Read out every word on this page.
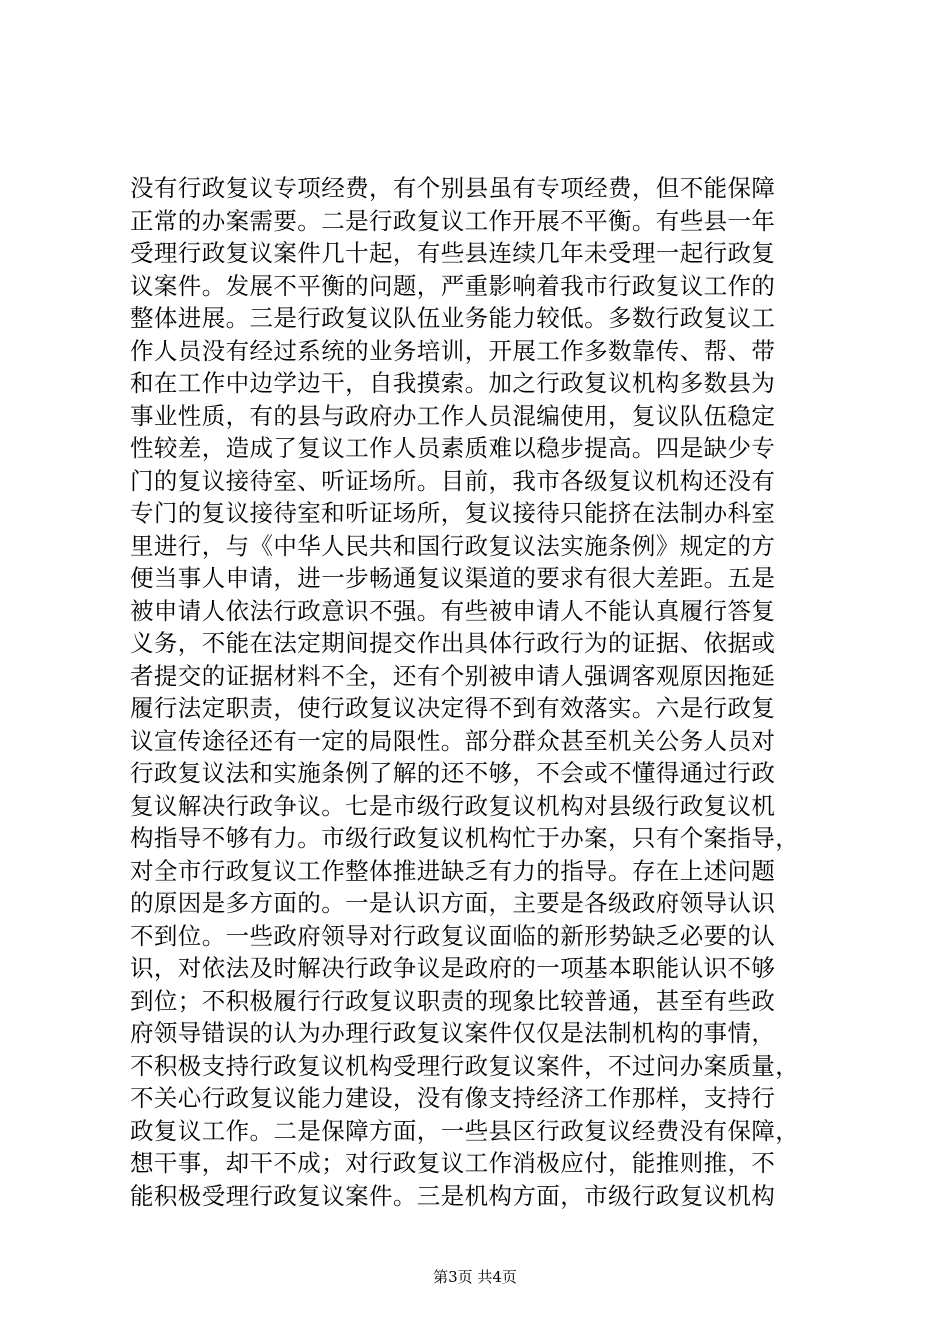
没有行政复议专项经费，有个别县虽有专项经费，但不能保障
正常的办案需要。二是行政复议工作开展不平衡。有些县一年
受理行政复议案件几十起，有些县连续几年未受理一起行政复
议案件。发展不平衡的问题，严重影响着我市行政复议工作的
整体进展。三是行政复议队伍业务能力较低。多数行政复议工
作人员没有经过系统的业务培训，开展工作多数靠传、帮、带
和在工作中边学边干，自我摸索。加之行政复议机构多数县为
事业性质，有的县与政府办工作人员混编使用，复议队伍稳定
性较差，造成了复议工作人员素质难以稳步提高。四是缺少专
门的复议接待室、听证场所。目前，我市各级复议机构还没有
专门的复议接待室和听证场所，复议接待只能挤在法制办科室
里进行，与《中华人民共和国行政复议法实施条例》规定的方
便当事人申请，进一步畅通复议渠道的要求有很大差距。五是
被申请人依法行政意识不强。有些被申请人不能认真履行答复
义务，不能在法定期间提交作出具体行政行为的证据、依据或
者提交的证据材料不全，还有个别被申请人强调客观原因拖延
履行法定职责，使行政复议决定得不到有效落实。六是行政复
议宣传途径还有一定的局限性。部分群众甚至机关公务人员对
行政复议法和实施条例了解的还不够，不会或不懂得通过行政
复议解决行政争议。七是市级行政复议机构对县级行政复议机
构指导不够有力。市级行政复议机构忙于办案，只有个案指导，
对全市行政复议工作整体推进缺乏有力的指导。存在上述问题
的原因是多方面的。一是认识方面，主要是各级政府领导认识
不到位。一些政府领导对行政复议面临的新形势缺乏必要的认
识，对依法及时解决行政争议是政府的一项基本职能认识不够
到位；不积极履行行政复议职责的现象比较普通，甚至有些政
府领导错误的认为办理行政复议案件仅仅是法制机构的事情，
不积极支持行政复议机构受理行政复议案件，不过问办案质量，
不关心行政复议能力建设，没有像支持经济工作那样，支持行
政复议工作。二是保障方面，一些县区行政复议经费没有保障，
想干事，却干不成；对行政复议工作消极应付，能推则推，不
能积极受理行政复议案件。三是机构方面，市级行政复议机构
第3页 共4页
